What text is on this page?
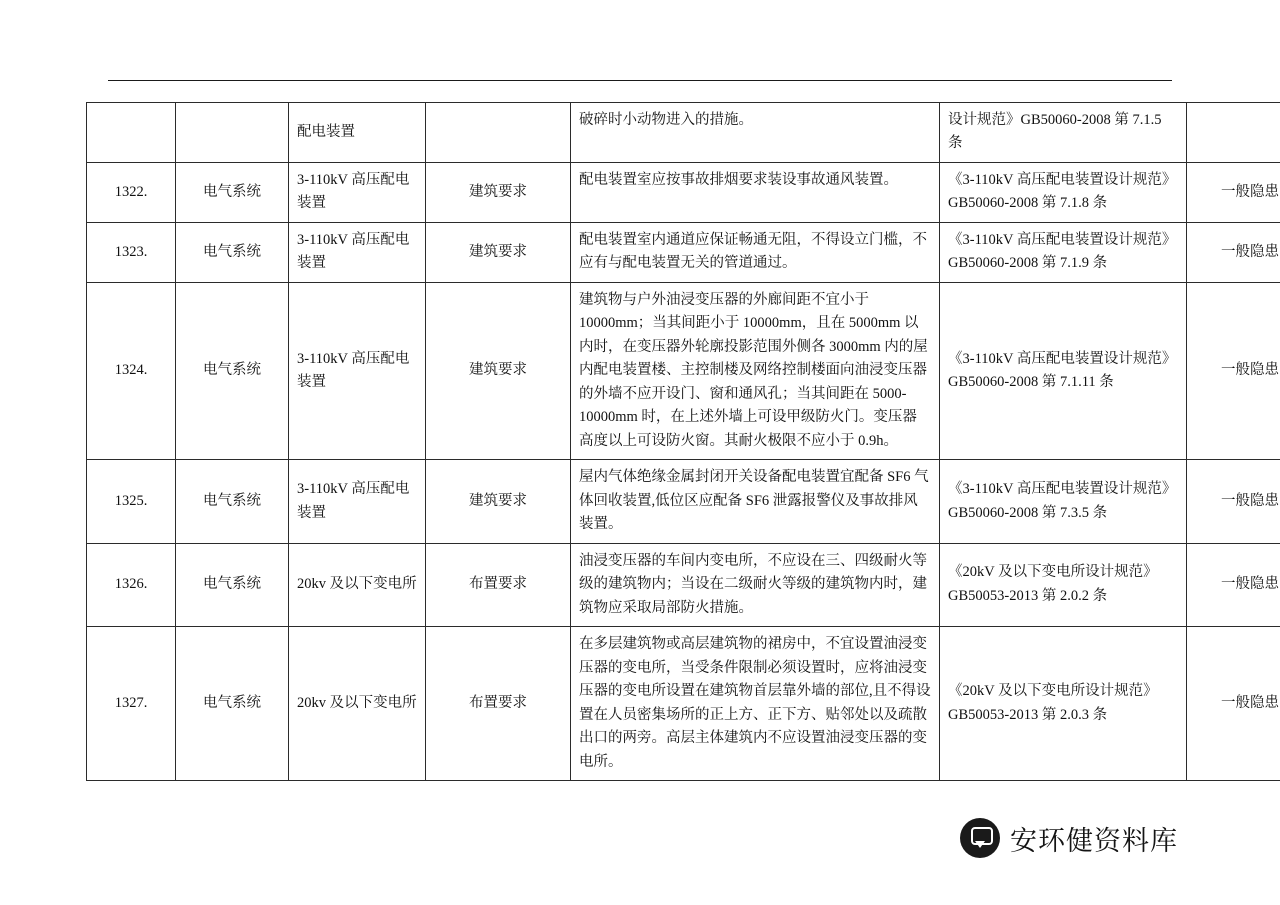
		配电装置		破碎时小动物进入的措施。	设计规范》GB50060-2008 第 7.1.5 条	
1322.	电气系统	3-110kV 高压配电装置	建筑要求	配电装置室应按事故排烟要求装设事故通风装置。	《3-110kV 高压配电装置设计规范》GB50060-2008 第 7.1.8 条	一般隐患
1323.	电气系统	3-110kV 高压配电装置	建筑要求	配电装置室内通道应保证畅通无阻，不得设立门槛，不应有与配电装置无关的管道通过。	《3-110kV 高压配电装置设计规范》GB50060-2008 第 7.1.9 条	一般隐患
1324.	电气系统	3-110kV 高压配电装置	建筑要求	建筑物与户外油浸变压器的外廊间距不宜小于 10000mm；当其间距小于 10000mm，且在 5000mm 以内时，在变压器外轮廓投影范围外侧各 3000mm 内的屋内配电装置楼、主控制楼及网络控制楼面向油浸变压器的外墙不应开设门、窗和通风孔；当其间距在 5000-10000mm 时，在上述外墙上可设甲级防火门。变压器高度以上可设防火窗。其耐火极限不应小于 0.9h。	《3-110kV 高压配电装置设计规范》GB50060-2008 第 7.1.11 条	一般隐患
1325.	电气系统	3-110kV 高压配电装置	建筑要求	屋内气体绝缘金属封闭开关设备配电装置宜配备 SF6 气体回收装置,低位区应配备 SF6 泄露报警仪及事故排风装置。	《3-110kV 高压配电装置设计规范》GB50060-2008 第 7.3.5 条	一般隐患
1326.	电气系统	20kv 及以下变电所	布置要求	油浸变压器的车间内变电所，不应设在三、四级耐火等级的建筑物内；当设在二级耐火等级的建筑物内时，建筑物应采取局部防火措施。	《20kV 及以下变电所设计规范》GB50053-2013 第 2.0.2 条	一般隐患
1327.	电气系统	20kv 及以下变电所	布置要求	在多层建筑物或高层建筑物的裙房中，不宜设置油浸变压器的变电所，当受条件限制必须设置时，应将油浸变压器的变电所设置在建筑物首层靠外墙的部位,且不得设置在人员密集场所的正上方、正下方、贴邻处以及疏散出口的两旁。高层主体建筑内不应设置油浸变压器的变电所。	《20kV 及以下变电所设计规范》GB50053-2013 第 2.0.3 条	一般隐患
安环健资料库
